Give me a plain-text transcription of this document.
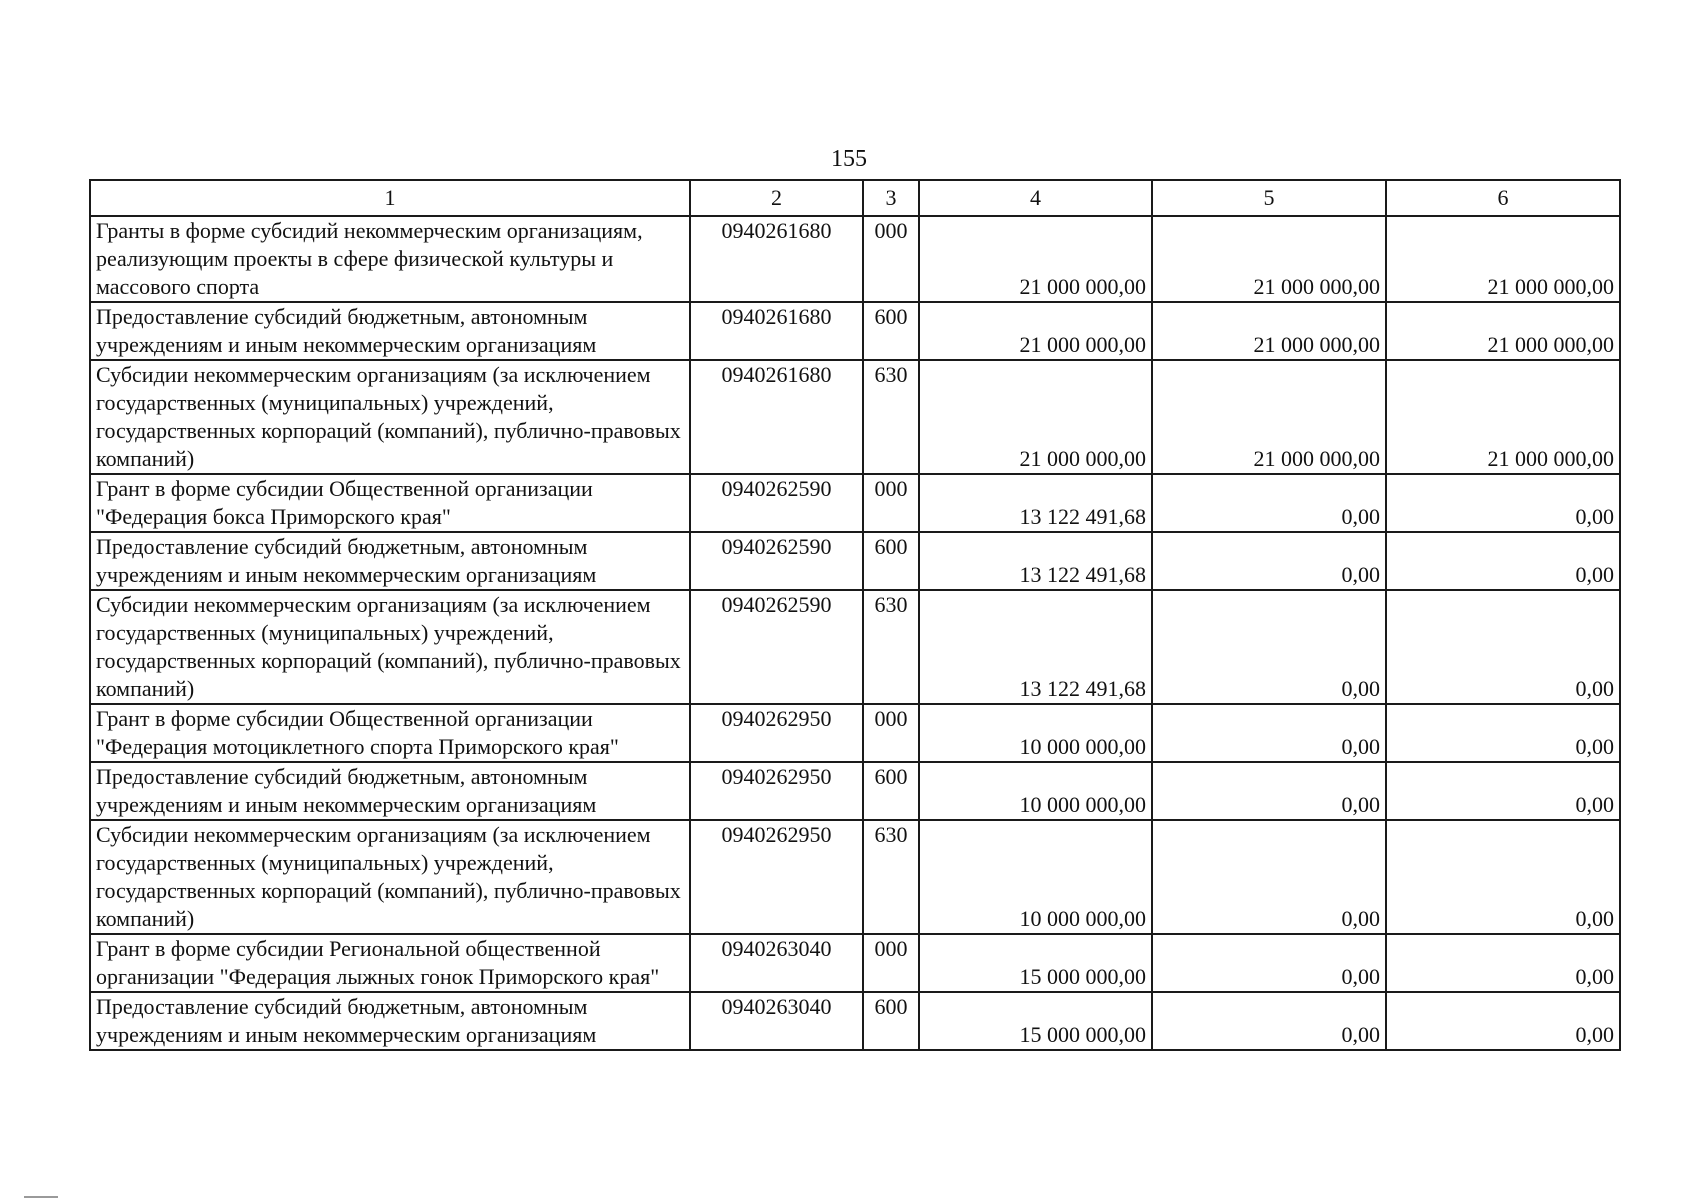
155
1	2	3	4	5	6
Гранты в форме субсидий некоммерческим организациям, реализующим проекты в сфере физической культуры и массового спорта	0940261680	000	21 000 000,00	21 000 000,00	21 000 000,00
Предоставление субсидий бюджетным, автономным учреждениям и иным некоммерческим организациям	0940261680	600	21 000 000,00	21 000 000,00	21 000 000,00
Субсидии некоммерческим организациям (за исключением государственных (муниципальных) учреждений, государственных корпораций (компаний), публично-правовых компаний)	0940261680	630	21 000 000,00	21 000 000,00	21 000 000,00
Грант в форме субсидии Общественной организации "Федерация бокса Приморского края"	0940262590	000	13 122 491,68	0,00	0,00
Предоставление субсидий бюджетным, автономным учреждениям и иным некоммерческим организациям	0940262590	600	13 122 491,68	0,00	0,00
Субсидии некоммерческим организациям (за исключением государственных (муниципальных) учреждений, государственных корпораций (компаний), публично-правовых компаний)	0940262590	630	13 122 491,68	0,00	0,00
Грант в форме субсидии Общественной организации "Федерация мотоциклетного спорта Приморского края"	0940262950	000	10 000 000,00	0,00	0,00
Предоставление субсидий бюджетным, автономным учреждениям и иным некоммерческим организациям	0940262950	600	10 000 000,00	0,00	0,00
Субсидии некоммерческим организациям (за исключением государственных (муниципальных) учреждений, государственных корпораций (компаний), публично-правовых компаний)	0940262950	630	10 000 000,00	0,00	0,00
Грант в форме субсидии Региональной общественной организации "Федерация лыжных гонок Приморского края"	0940263040	000	15 000 000,00	0,00	0,00
Предоставление субсидий бюджетным, автономным учреждениям и иным некоммерческим организациям	0940263040	600	15 000 000,00	0,00	0,00
